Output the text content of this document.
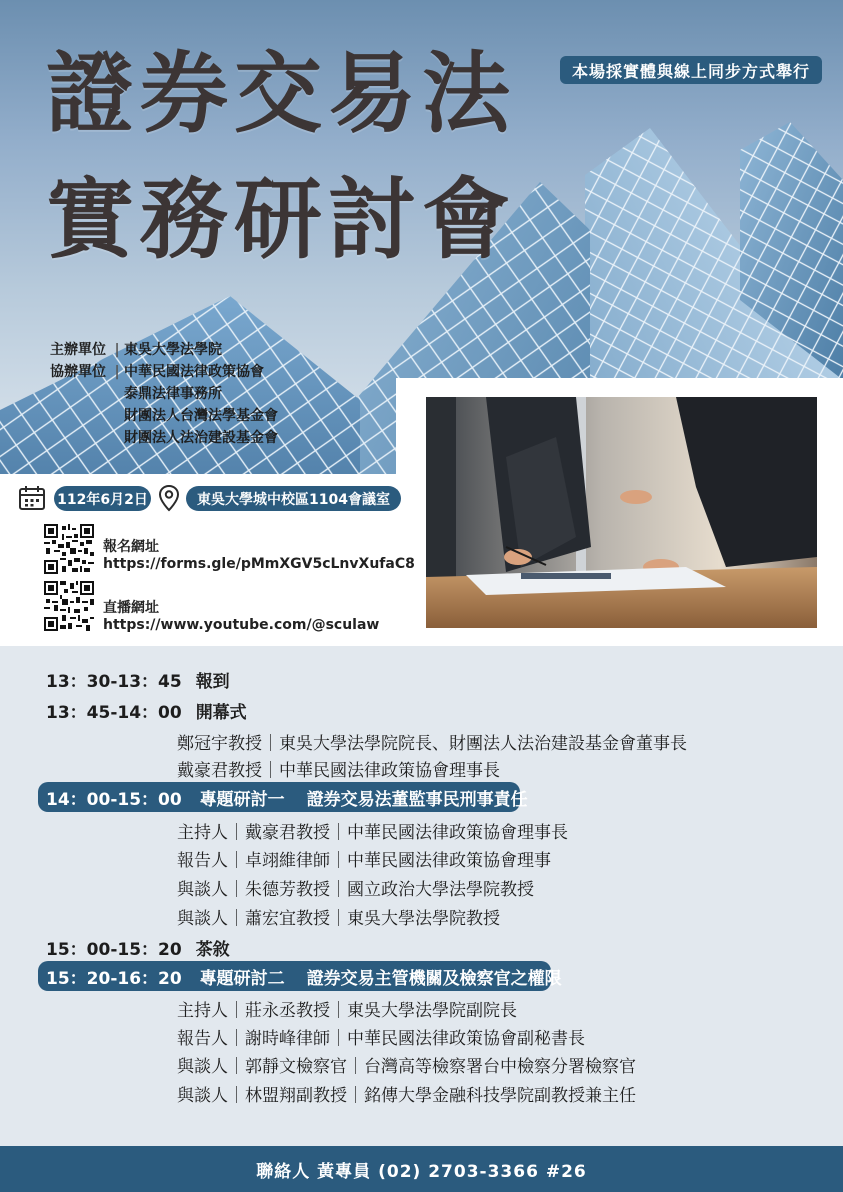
證券交易法
實務研討會
本場採實體與線上同步方式舉行
主辦單位 | 東吳大學法學院
協辦單位 | 中華民國法律政策協會
泰鼎法律事務所
財團法人台灣法學基金會
財團法人法治建設基金會
112年6月2日	東吳大學城中校區1104會議室
報名網址
https://forms.gle/pMmXGV5cLnvXufaC8
直播網址
https://www.youtube.com/@sculaw
13：30-13：45 報到
13：45-14：00 開幕式
鄭冠宇教授｜東吳大學法學院院長、財團法人法治建設基金會董事長
戴豪君教授｜中華民國法律政策協會理事長
14：00-15：00 專題研討一 證券交易法董監事民刑事責任
主持人｜戴豪君教授｜中華民國法律政策協會理事長
報告人｜卓翊維律師｜中華民國法律政策協會理事
與談人｜朱德芳教授｜國立政治大學法學院教授
與談人｜蕭宏宜教授｜東吳大學法學院教授
15：00-15：20 茶敘
15：20-16：20 專題研討二 證券交易主管機關及檢察官之權限
主持人｜莊永丞教授｜東吳大學法學院副院長
報告人｜謝時峰律師｜中華民國法律政策協會副秘書長
與談人｜郭靜文檢察官｜台灣高等檢察署台中檢察分署檢察官
與談人｜林盟翔副教授｜銘傳大學金融科技學院副教授兼主任
聯絡人 黃專員 (02) 2703-3366 #26
